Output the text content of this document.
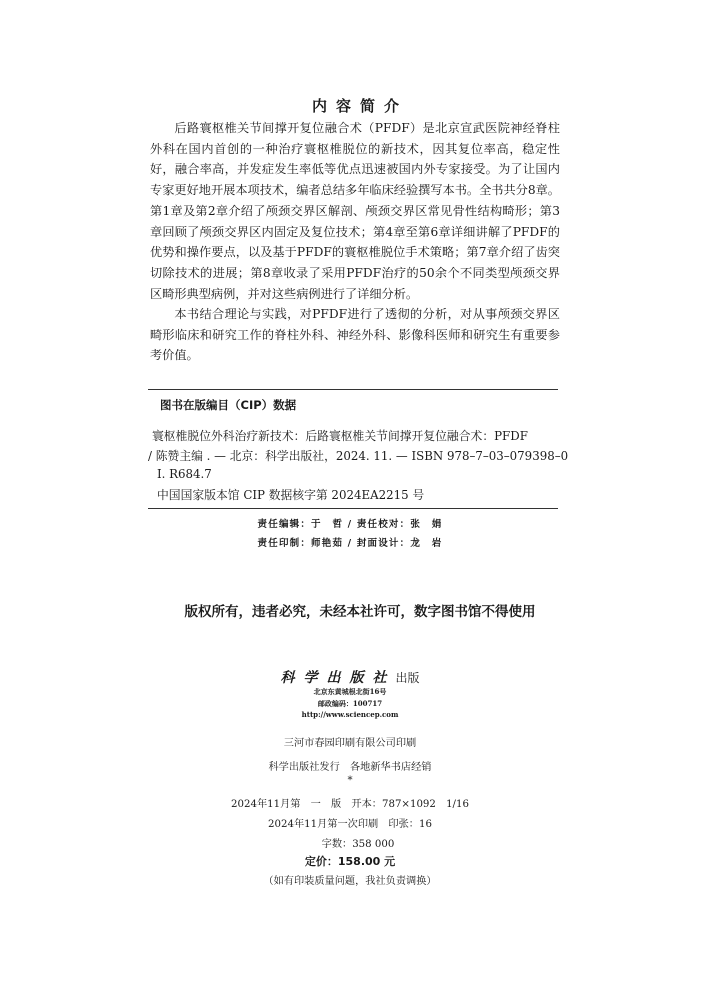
内容简介

后路寰枢椎关节间撑开复位融合术（PFDF）是北京宣武医院神经脊柱外科在国内首创的一种治疗寰枢椎脱位的新技术，因其复位率高，稳定性好，融合率高，并发症发生率低等优点迅速被国内外专家接受。为了让国内专家更好地开展本项技术，编者总结多年临床经验撰写本书。全书共分8章。第1章及第2章介绍了颅颈交界区解剖、颅颈交界区常见骨性结构畸形；第3章回顾了颅颈交界区内固定及复位技术；第4章至第6章详细讲解了PFDF的优势和操作要点，以及基于PFDF的寰枢椎脱位手术策略；第7章介绍了齿突切除技术的进展；第8章收录了采用PFDF治疗的50余个不同类型颅颈交界区畸形典型病例，并对这些病例进行了详细分析。

本书结合理论与实践，对PFDF进行了透彻的分析，对从事颅颈交界区畸形临床和研究工作的脊柱外科、神经外科、影像科医师和研究生有重要参考价值。

图书在版编目（CIP）数据
寰枢椎脱位外科治疗新技术：后路寰枢椎关节间撑开复位融合术：PFDF
/ 陈赞主编 . — 北京：科学出版社，2024. 11. — ISBN 978–7–03–079398–0
Ⅰ. R684.7
中国国家版本馆 CIP 数据核字第 2024EA2215 号
责任编辑：于　哲 / 责任校对：张　娟
责任印制：师艳茹 / 封面设计：龙　岩
版权所有，违者必究，未经本社许可，数字图书馆不得使用
科学出版社出版
北京东黄城根北街16号
邮政编码：100717
http://www.sciencep.com
三河市春园印刷有限公司印刷
科学出版社发行　各地新华书店经销
*
2024年11月第　一　版　开本：787×1092　1/16
2024年11月第一次印刷　印张：16
字数：358 000
定价：158.00 元
（如有印装质量问题，我社负责调换）
